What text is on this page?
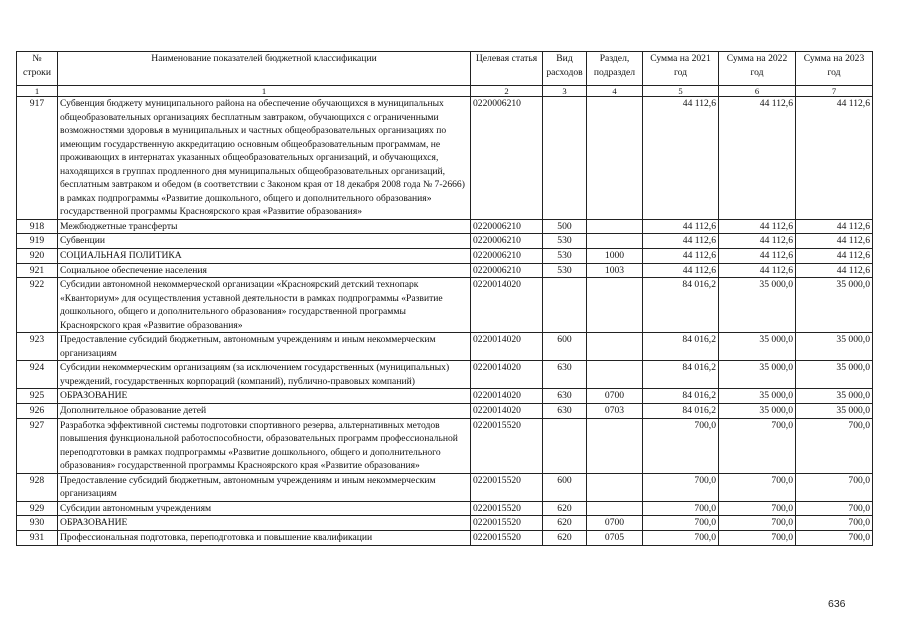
№ строки	Наименование показателей бюджетной классификации	Целевая статья	Вид расходов	Раздел, подраздел	Сумма на 2021 год	Сумма на 2022 год	Сумма на 2023 год
1	1	2	3	4	5	6	7
917	Субвенция бюджету муниципального района на обеспечение обучающихся в муниципальных общеобразовательных организациях бесплатным завтраком, обучающихся с ограниченными возможностями здоровья в муниципальных и частных общеобразовательных организациях по имеющим государственную аккредитацию основным общеобразовательным программам, не проживающих в интернатах указанных общеобразовательных организаций, и обучающихся, находящихся в группах продленного дня муниципальных общеобразовательных организаций, бесплатным завтраком и обедом (в соответствии с Законом края от 18 декабря 2008 года № 7-2666) в рамках подпрограммы «Развитие дошкольного, общего и дополнительного образования» государственной программы Красноярского края «Развитие образования»	0220006210			44 112,6	44 112,6	44 112,6
918	Межбюджетные трансферты	0220006210	500		44 112,6	44 112,6	44 112,6
919	Субвенции	0220006210	530		44 112,6	44 112,6	44 112,6
920	СОЦИАЛЬНАЯ ПОЛИТИКА	0220006210	530	1000	44 112,6	44 112,6	44 112,6
921	Социальное обеспечение населения	0220006210	530	1003	44 112,6	44 112,6	44 112,6
922	Субсидии автономной некоммерческой организации «Красноярский детский технопарк «Кванториум» для осуществления уставной деятельности в рамках подпрограммы «Развитие дошкольного, общего и дополнительного образования» государственной программы Красноярского края «Развитие образования»	0220014020			84 016,2	35 000,0	35 000,0
923	Предоставление субсидий бюджетным, автономным учреждениям и иным некоммерческим организациям	0220014020	600		84 016,2	35 000,0	35 000,0
924	Субсидии некоммерческим организациям (за исключением государственных (муниципальных) учреждений, государственных корпораций (компаний), публично-правовых компаний)	0220014020	630		84 016,2	35 000,0	35 000,0
925	ОБРАЗОВАНИЕ	0220014020	630	0700	84 016,2	35 000,0	35 000,0
926	Дополнительное образование детей	0220014020	630	0703	84 016,2	35 000,0	35 000,0
927	Разработка эффективной системы подготовки спортивного резерва, альтернативных методов повышения функциональной работоспособности, образовательных программ профессиональной переподготовки в рамках подпрограммы «Развитие дошкольного, общего и дополнительного образования» государственной программы Красноярского края «Развитие образования»	0220015520			700,0	700,0	700,0
928	Предоставление субсидий бюджетным, автономным учреждениям и иным некоммерческим организациям	0220015520	600		700,0	700,0	700,0
929	Субсидии автономным учреждениям	0220015520	620		700,0	700,0	700,0
930	ОБРАЗОВАНИЕ	0220015520	620	0700	700,0	700,0	700,0
931	Профессиональная подготовка, переподготовка и повышение квалификации	0220015520	620	0705	700,0	700,0	700,0
636
